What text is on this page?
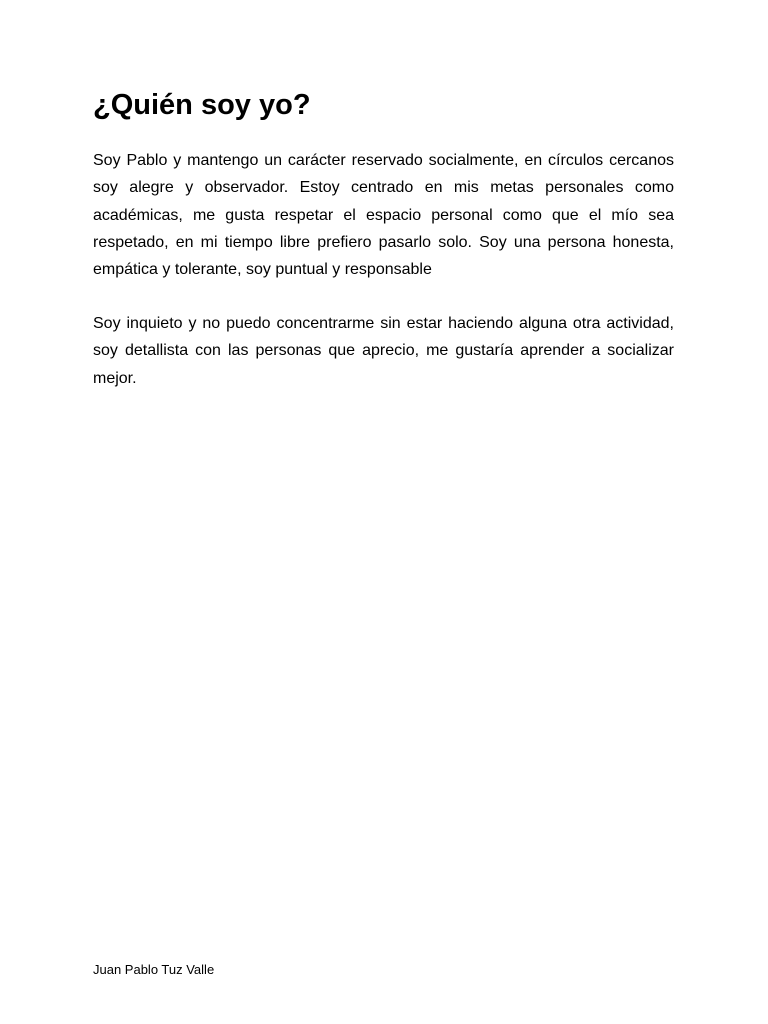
¿Quién soy yo?

Soy Pablo y mantengo un carácter reservado socialmente, en círculos cercanos soy alegre y observador. Estoy centrado en mis metas personales como académicas, me gusta respetar el espacio personal como que el mío sea respetado, en mi tiempo libre prefiero pasarlo solo. Soy una persona honesta, empática y tolerante, soy puntual y responsable

Soy inquieto y no puedo concentrarme sin estar haciendo alguna otra actividad, soy detallista con las personas que aprecio, me gustaría aprender a socializar mejor.

Juan Pablo Tuz Valle
